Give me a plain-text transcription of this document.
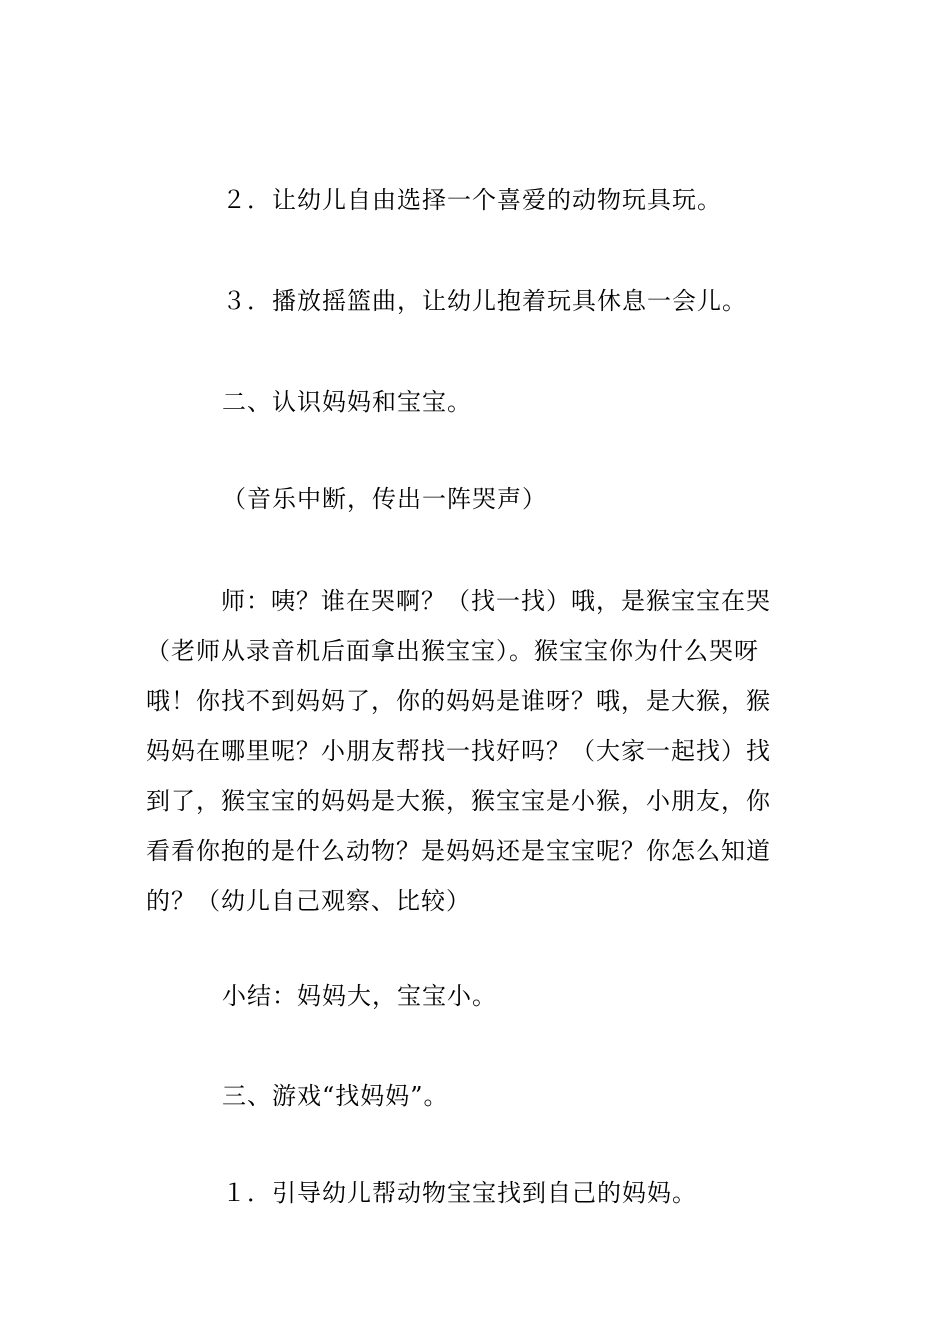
２．让幼儿自由选择一个喜爱的动物玩具玩。
３．播放摇篮曲，让幼儿抱着玩具休息一会儿。
二、认识妈妈和宝宝。
（音乐中断，传出一阵哭声）
　　　师：咦？谁在哭啊？（找一找）哦，是猴宝宝在哭
（老师从录音机后面拿出猴宝宝）。猴宝宝你为什么哭呀
哦！你找不到妈妈了，你的妈妈是谁呀？哦，是大猴，猴
妈妈在哪里呢？小朋友帮找一找好吗？（大家一起找）找
到了，猴宝宝的妈妈是大猴，猴宝宝是小猴，小朋友，你
看看你抱的是什么动物？是妈妈还是宝宝呢？你怎么知道
的？（幼儿自己观察、比较）
小结：妈妈大，宝宝小。
三、游戏“找妈妈”。
１．引导幼儿帮动物宝宝找到自己的妈妈。
